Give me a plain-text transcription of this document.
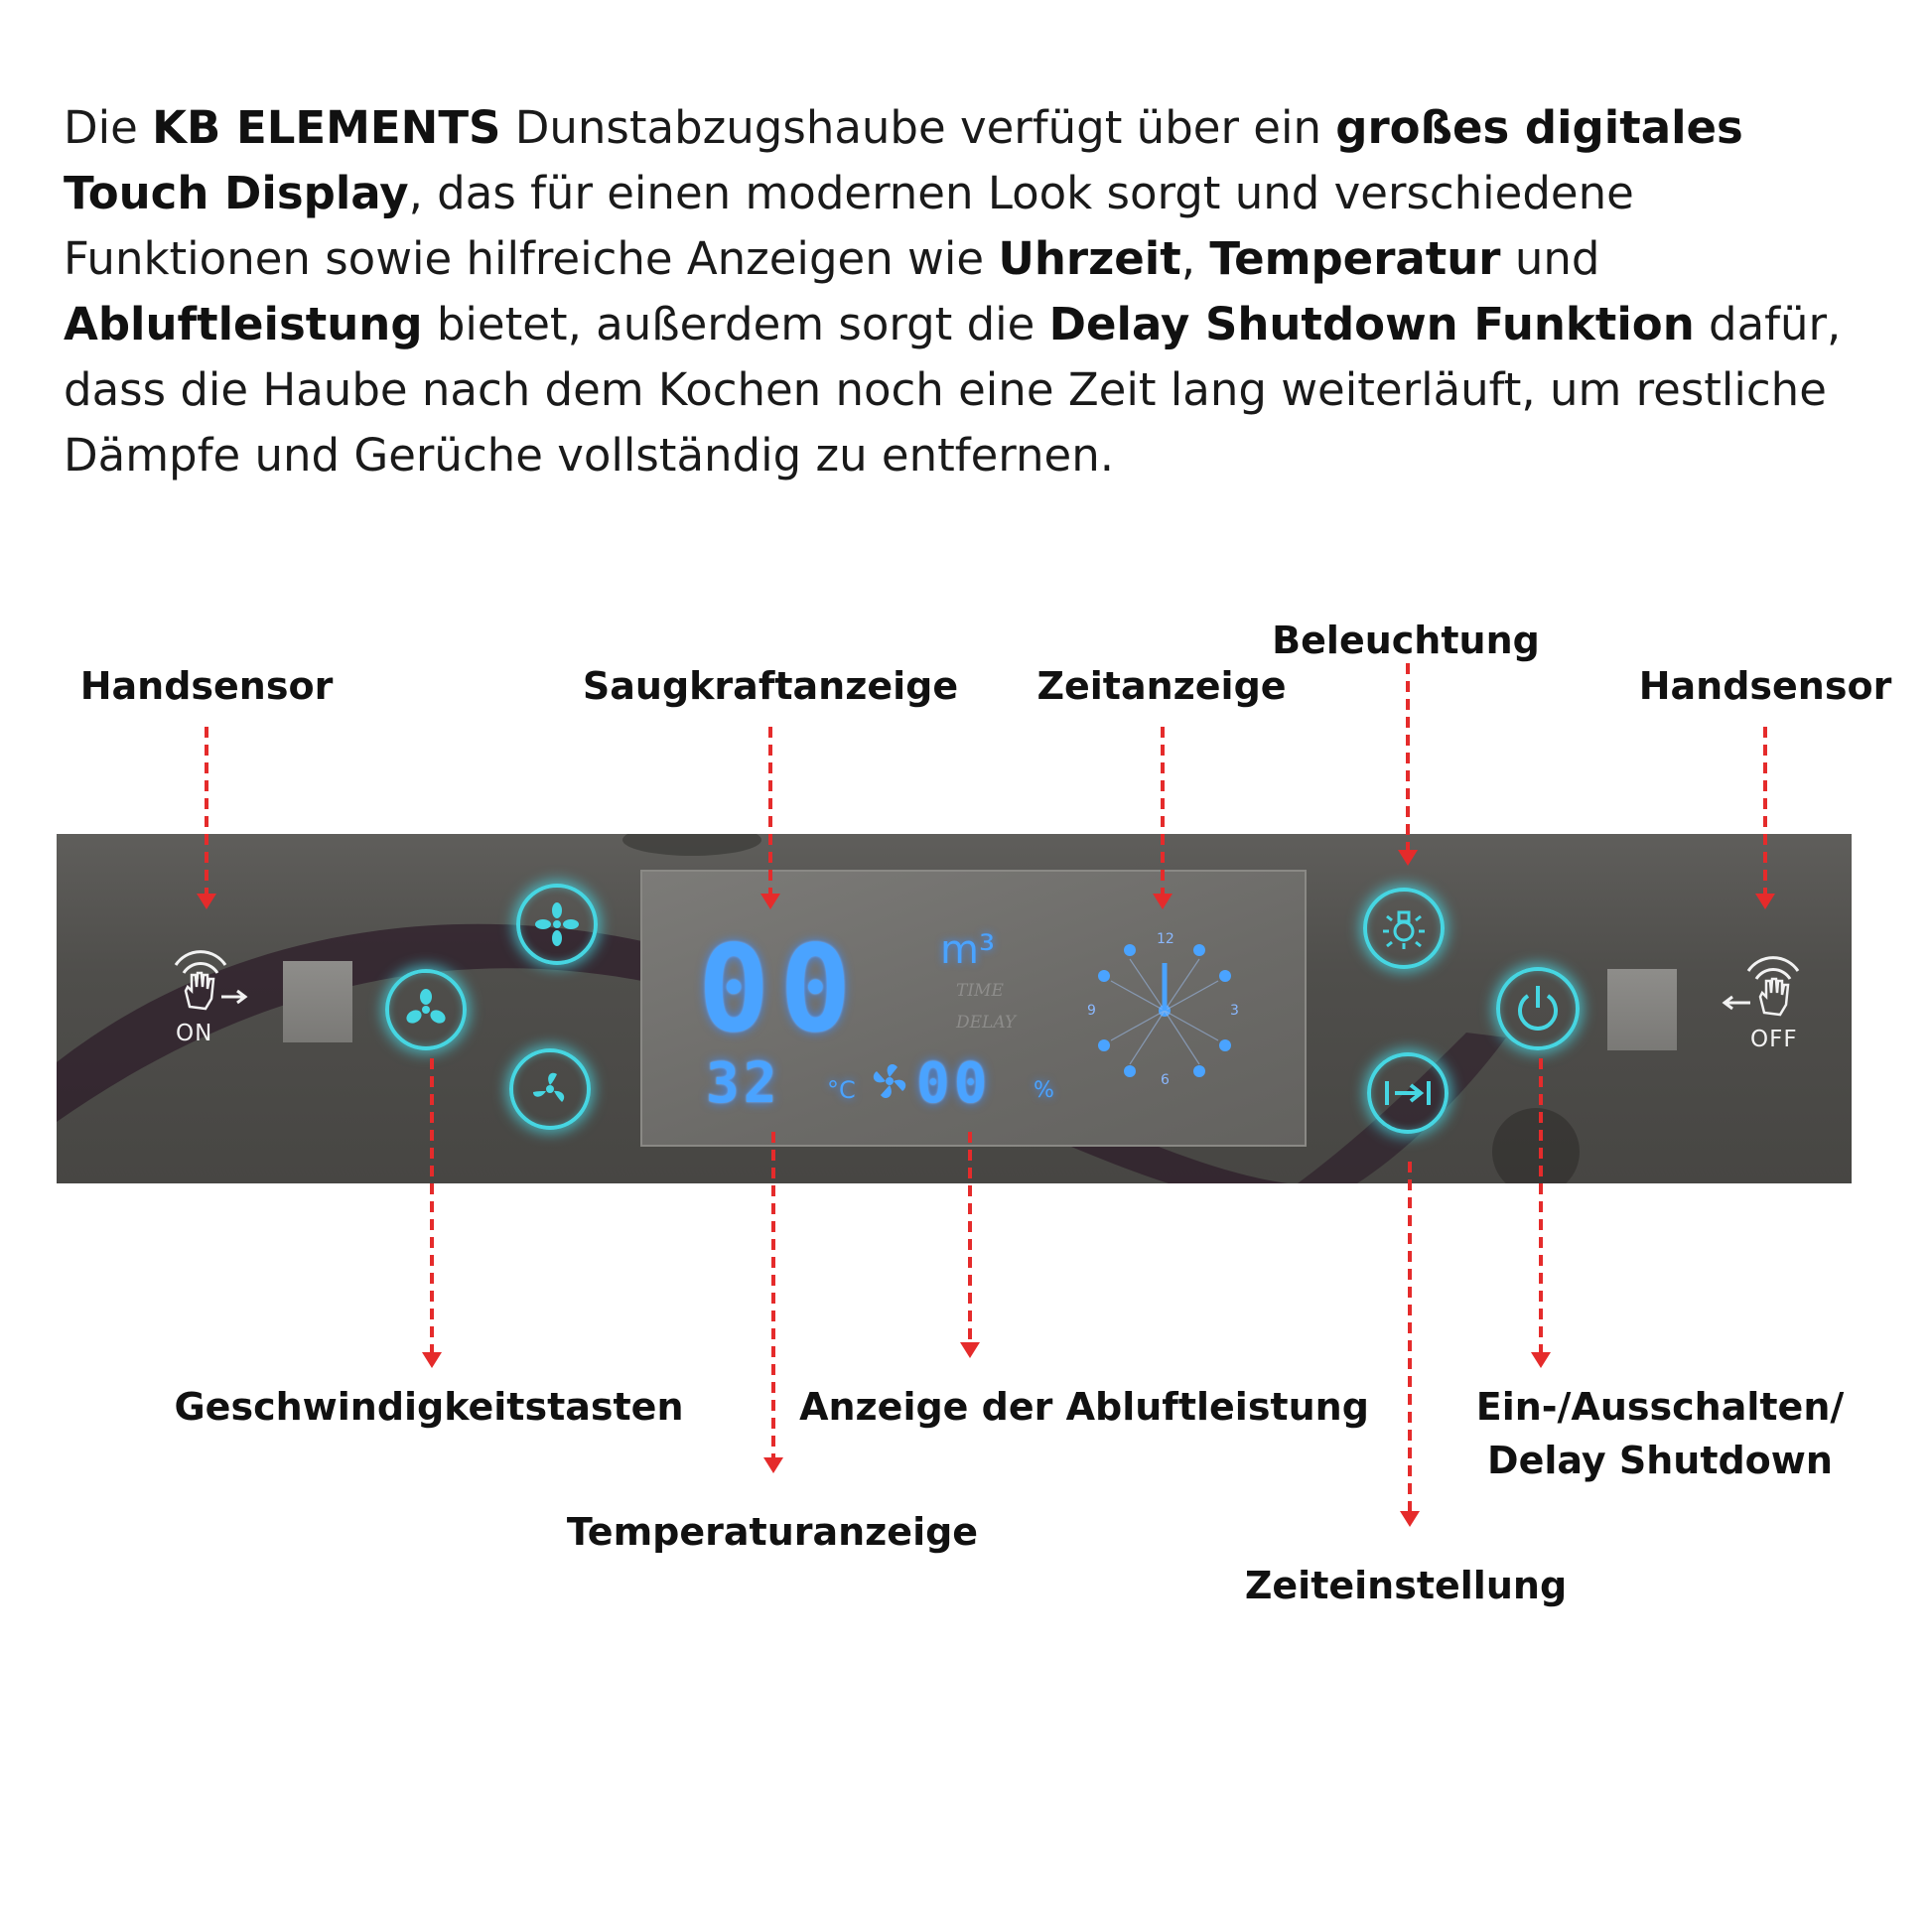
Die KB ELEMENTS Dunstabzugshaube verfügt über ein großes digitales Touch Display, das für einen modernen Look sorgt und verschiedene Funktionen sowie hilfreiche Anzeigen wie Uhrzeit, Temperatur und Abluftleistung bietet, außerdem sorgt die Delay Shutdown Funktion dafür, dass die Haube nach dem Kochen noch eine Zeit lang weiterläuft, um restliche Dämpfe und Gerüche vollständig zu entfernen.

Handsensor	Saugkraftanzeige Zeitanzeige
Beleuchtung
Handsensor
Geschwindigkeitstasten
Temperaturanzeige
Anzeige der Abluftleistung
Zeiteinstellung
Ein-/Ausschalten/
Delay Shutdown
ON	00 m³
TIME
DELAY
32 °C 00 %
12
3
6
9
OFF
